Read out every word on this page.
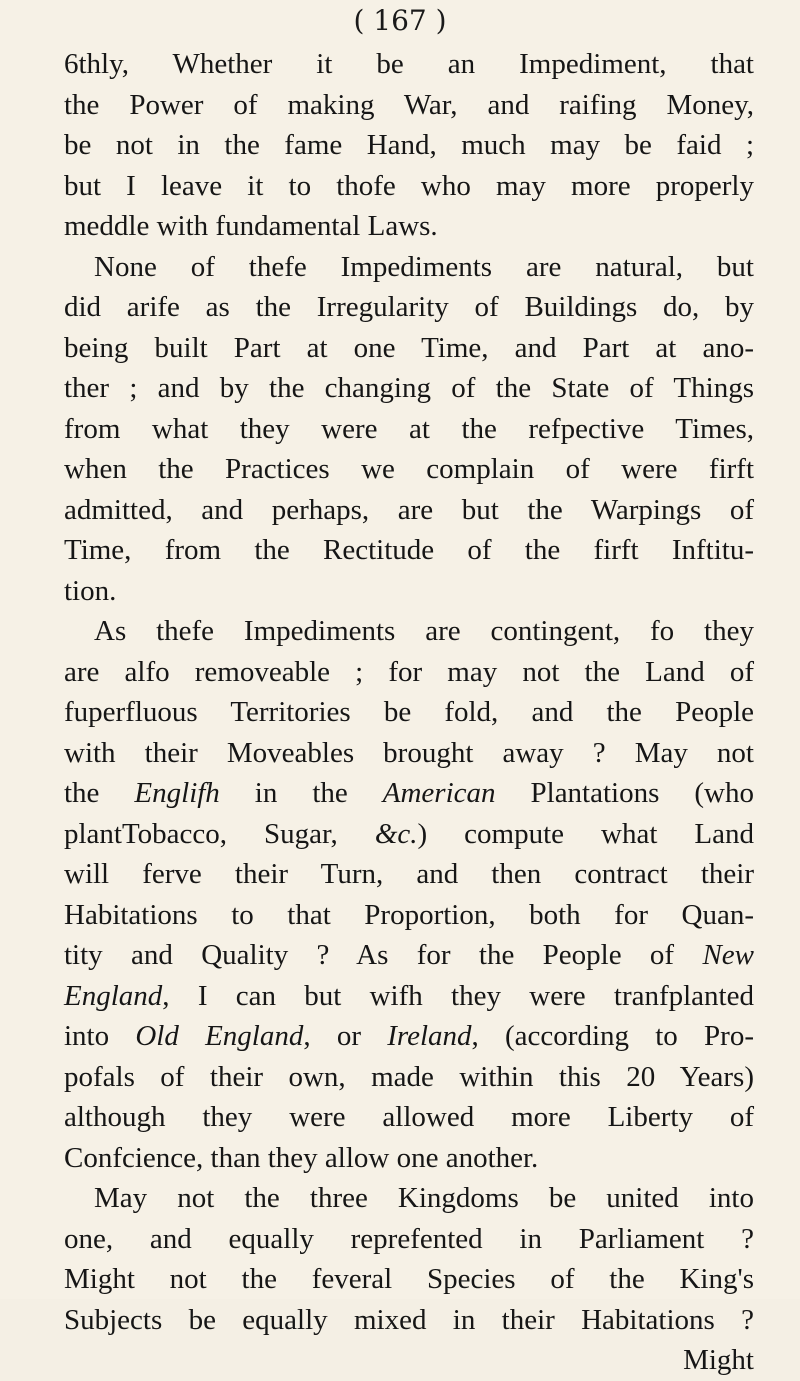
( 167 )
6thly, Whether it be an Impediment, that
the Power of making War, and raifing Money,
be not in the fame Hand, much may be faid ;
but I leave it to thofe who may more properly
meddle with fundamental Laws.
None of thefe Impediments are natural, but
did arife as the Irregularity of Buildings do, by
being built Part at one Time, and Part at ano-
ther ; and by the changing of the State of Things
from what they were at the refpective Times,
when the Practices we complain of were firft
admitted, and perhaps, are but the Warpings of
Time, from the Rectitude of the firft Inftitu-
tion.
As thefe Impediments are contingent, fo they
are alfo removeable ; for may not the Land of
fuperfluous Territories be fold, and the People
with their Moveables brought away ? May not
the Englifh in the American Plantations (who
plantTobacco, Sugar, &c.) compute what Land
will ferve their Turn, and then contract their
Habitations to that Proportion, both for Quan-
tity and Quality ? As for the People of New
England, I can but wifh they were tranfplanted
into Old England, or Ireland, (according to Pro-
pofals of their own, made within this 20 Years)
although they were allowed more Liberty of
Confcience, than they allow one another.
May not the three Kingdoms be united into
one, and equally reprefented in Parliament ?
Might not the feveral Species of the King's
Subjects be equally mixed in their Habitations ?
Might
